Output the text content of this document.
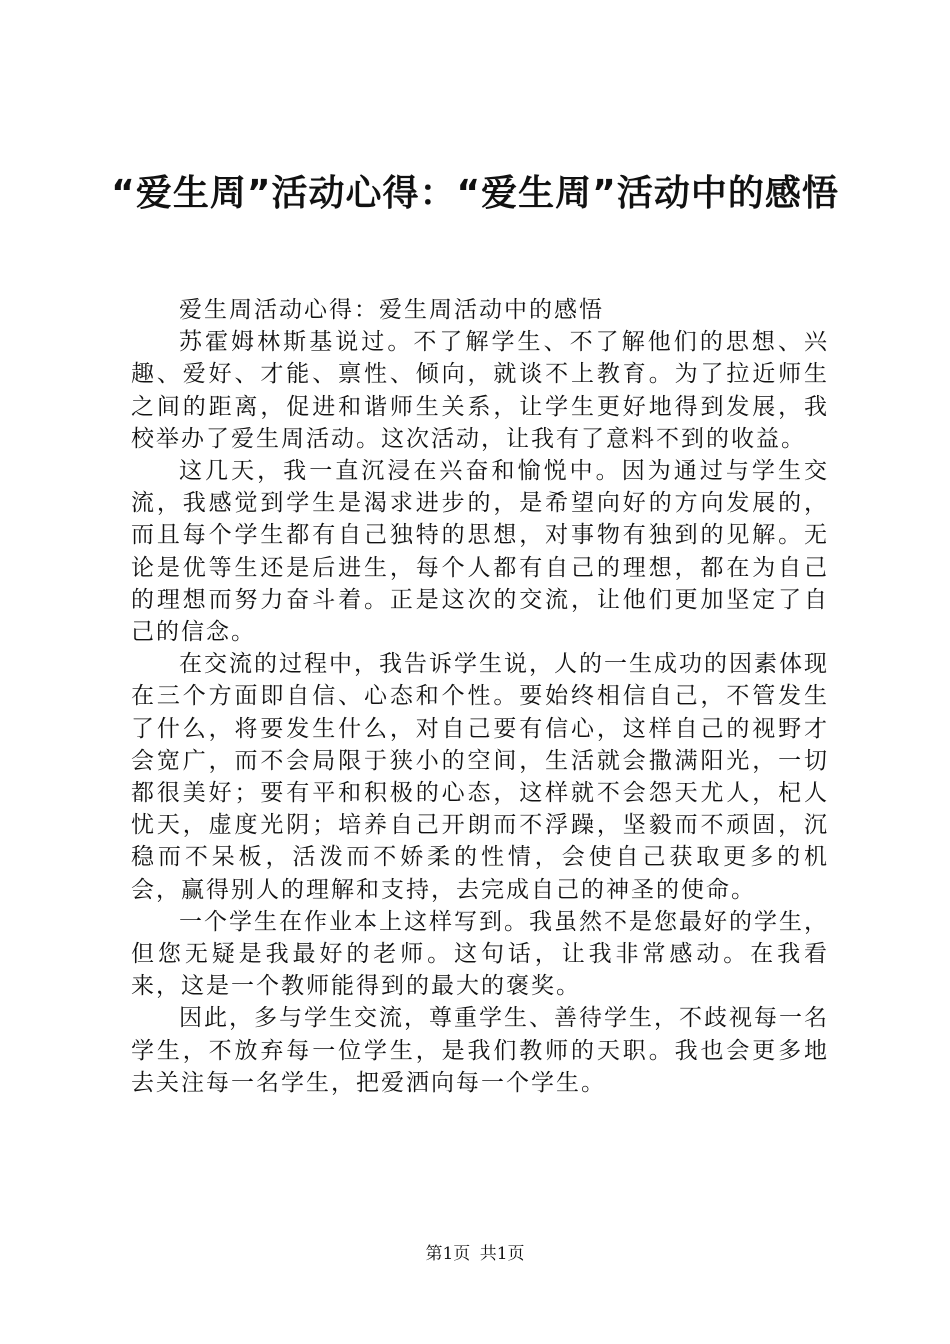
“爱生周”活动心得：“爱生周”活动中的感悟

爱生周活动心得：爱生周活动中的感悟

苏霍姆林斯基说过。不了解学生、不了解他们的思想、兴趣、爱好、才能、禀性、倾向，就谈不上教育。为了拉近师生之间的距离，促进和谐师生关系，让学生更好地得到发展，我校举办了爱生周活动。这次活动，让我有了意料不到的收益。

这几天，我一直沉浸在兴奋和愉悦中。因为通过与学生交流，我感觉到学生是渴求进步的，是希望向好的方向发展的，而且每个学生都有自己独特的思想，对事物有独到的见解。无论是优等生还是后进生，每个人都有自己的理想，都在为自己的理想而努力奋斗着。正是这次的交流，让他们更加坚定了自己的信念。

在交流的过程中，我告诉学生说，人的一生成功的因素体现在三个方面即自信、心态和个性。要始终相信自己，不管发生了什么，将要发生什么，对自己要有信心，这样自己的视野才会宽广，而不会局限于狭小的空间，生活就会撒满阳光，一切都很美好；要有平和积极的心态，这样就不会怨天尤人，杞人忧天，虚度光阴；培养自己开朗而不浮躁，坚毅而不顽固，沉稳而不呆板，活泼而不娇柔的性情，会使自己获取更多的机会，赢得别人的理解和支持，去完成自己的神圣的使命。

一个学生在作业本上这样写到。我虽然不是您最好的学生，但您无疑是我最好的老师。这句话，让我非常感动。在我看来，这是一个教师能得到的最大的褒奖。

因此，多与学生交流，尊重学生、善待学生，不歧视每一名学生，不放弃每一位学生，是我们教师的天职。我也会更多地去关注每一名学生，把爱洒向每一个学生。

第1页 共1页
